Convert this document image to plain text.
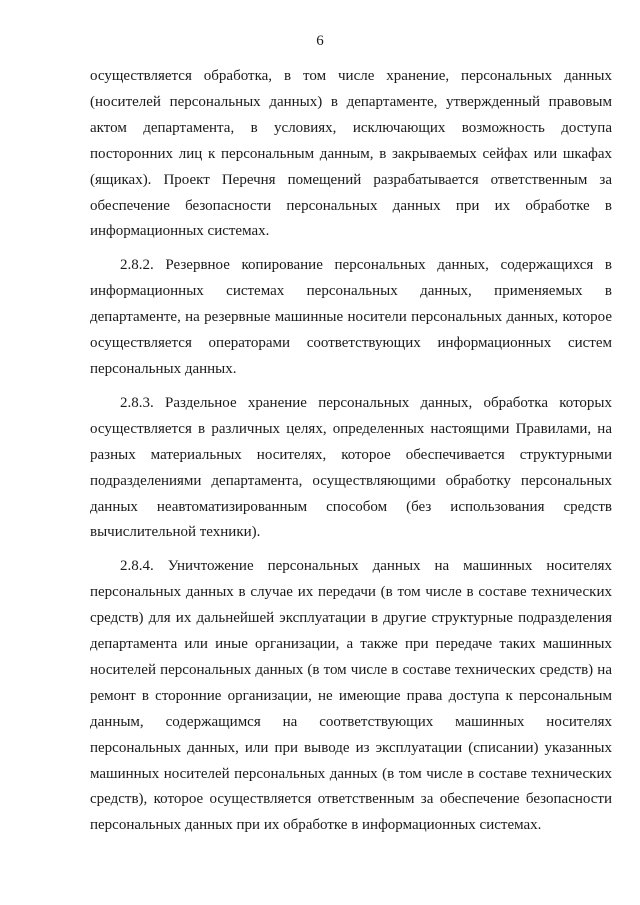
6

осуществляется обработка, в том числе хранение, персональных данных (носителей персональных данных) в департаменте, утвержденный правовым актом департамента, в условиях, исключающих возможность доступа посторонних лиц к персональным данным, в закрываемых сейфах или шкафах (ящиках). Проект Перечня помещений разрабатывается ответственным за обеспечение безопасности персональных данных при их обработке в информационных системах.

2.8.2. Резервное копирование персональных данных, содержащихся в информационных системах персональных данных, применяемых в департаменте, на резервные машинные носители персональных данных, которое осуществляется операторами соответствующих информационных систем персональных данных.

2.8.3. Раздельное хранение персональных данных, обработка которых осуществляется в различных целях, определенных настоящими Правилами, на разных материальных носителях, которое обеспечивается структурными подразделениями департамента, осуществляющими обработку персональных данных неавтоматизированным способом (без использования средств вычислительной техники).

2.8.4. Уничтожение персональных данных на машинных носителях персональных данных в случае их передачи (в том числе в составе технических средств) для их дальнейшей эксплуатации в другие структурные подразделения департамента или иные организации, а также при передаче таких машинных носителей персональных данных (в том числе в составе технических средств) на ремонт в сторонние организации, не имеющие права доступа к персональным данным, содержащимся на соответствующих машинных носителях персональных данных, или при выводе из эксплуатации (списании) указанных машинных носителей персональных данных (в том числе в составе технических средств), которое осуществляется ответственным за обеспечение безопасности персональных данных при их обработке в информационных системах.
